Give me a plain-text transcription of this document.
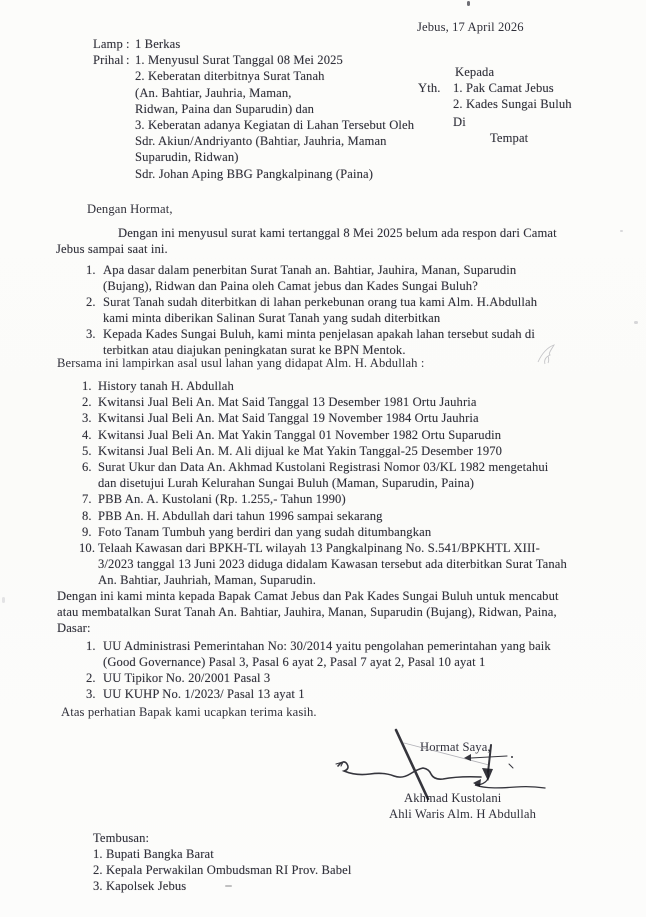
Jebus, 17 April 2026
Lamp : 1 Berkas
Prihal : 1. Menyusul Surat Tanggal 08 Mei 2025
2. Keberatan diterbitnya Surat Tanah
(An. Bahtiar, Jauhria, Maman,
Ridwan, Paina dan Suparudin) dan
3. Keberatan adanya Kegiatan di Lahan Tersebut Oleh
Sdr. Akiun/Andriyanto (Bahtiar, Jauhria, Maman
Suparudin, Ridwan)
Sdr. Johan Aping BBG Pangkalpinang (Paina)
Kepada
Yth. 1. Pak Camat Jebus
2. Kades Sungai Buluh
Di
Tempat
Dengan Hormat,
Dengan ini menyusul surat kami tertanggal 8 Mei 2025 belum ada respon dari Camat
Jebus sampai saat ini.
1. Apa dasar dalam penerbitan Surat Tanah an. Bahtiar, Jauhira, Manan, Suparudin
(Bujang), Ridwan dan Paina oleh Camat jebus dan Kades Sungai Buluh?
2. Surat Tanah sudah diterbitkan di lahan perkebunan orang tua kami Alm. H.Abdullah
kami minta diberikan Salinan Surat Tanah yang sudah diterbitkan
3. Kepada Kades Sungai Buluh, kami minta penjelasan apakah lahan tersebut sudah di
terbitkan atau diajukan peningkatan surat ke BPN Mentok.
Bersama ini lampirkan asal usul lahan yang didapat Alm. H. Abdullah :
1. History tanah H. Abdullah
2. Kwitansi Jual Beli An. Mat Said Tanggal 13 Desember 1981 Ortu Jauhria
3. Kwitansi Jual Beli An. Mat Said Tanggal 19 November 1984 Ortu Jauhria
4. Kwitansi Jual Beli An. Mat Yakin Tanggal 01 November 1982 Ortu Suparudin
5. Kwitansi Jual Beli An. M. Ali dijual ke Mat Yakin Tanggal-25 Desember 1970
6. Surat Ukur dan Data An. Akhmad Kustolani Registrasi Nomor 03/KL 1982 mengetahui
dan disetujui Lurah Kelurahan Sungai Buluh (Maman, Suparudin, Paina)
7. PBB An. A. Kustolani (Rp. 1.255,- Tahun 1990)
8. PBB An. H. Abdullah dari tahun 1996 sampai sekarang
9. Foto Tanam Tumbuh yang berdiri dan yang sudah ditumbangkan
10. Telaah Kawasan dari BPKH-TL wilayah 13 Pangkalpinang No. S.541/BPKHTL XIII-
3/2023 tanggal 13 Juni 2023 diduga didalam Kawasan tersebut ada diterbitkan Surat Tanah
An. Bahtiar, Jauhriah, Maman, Suparudin.
Dengan ini kami minta kepada Bapak Camat Jebus dan Pak Kades Sungai Buluh untuk mencabut
atau membatalkan Surat Tanah An. Bahtiar, Jauhira, Manan, Suparudin (Bujang), Ridwan, Paina,
Dasar:
1. UU Administrasi Pemerintahan No: 30/2014 yaitu pengolahan pemerintahan yang baik
(Good Governance) Pasal 3, Pasal 6 ayat 2, Pasal 7 ayat 2, Pasal 10 ayat 1
2. UU Tipikor No. 20/2001 Pasal 3
3. UU KUHP No. 1/2023/ Pasal 13 ayat 1
Atas perhatian Bapak kami ucapkan terima kasih.
Hormat Saya,
Akhmad Kustolani
Ahli Waris Alm. H Abdullah
Tembusan:
1. Bupati Bangka Barat
2. Kepala Perwakilan Ombudsman RI Prov. Babel
3. Kapolsek Jebus
